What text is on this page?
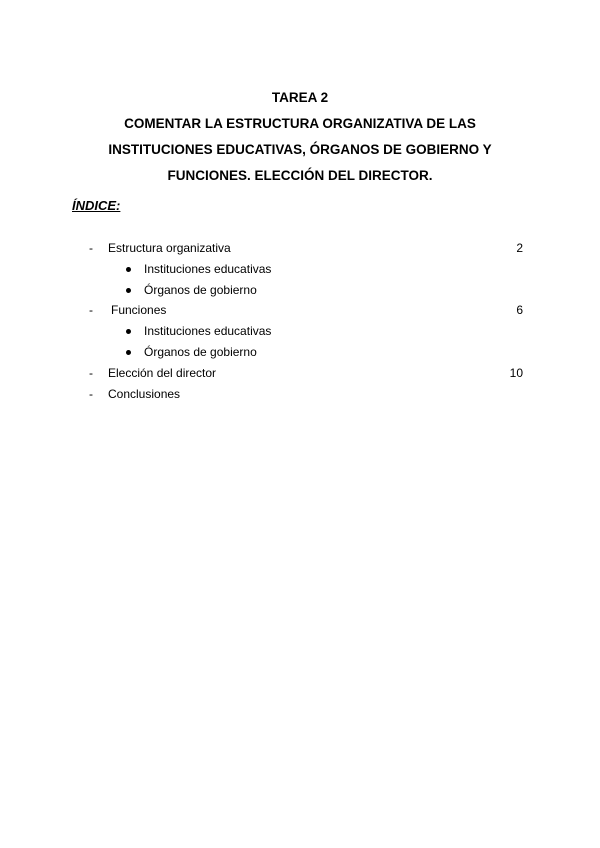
TAREA 2
COMENTAR LA ESTRUCTURA ORGANIZATIVA DE LAS
INSTITUCIONES EDUCATIVAS, ÓRGANOS DE GOBIERNO Y
FUNCIONES. ELECCIÓN DEL DIRECTOR.
ÍNDICE:
- Estructura organizativa	2
Instituciones educativas
Órganos de gobierno
- Funciones	6
Instituciones educativas
Órganos de gobierno
- Elección del director	10
- Conclusiones
